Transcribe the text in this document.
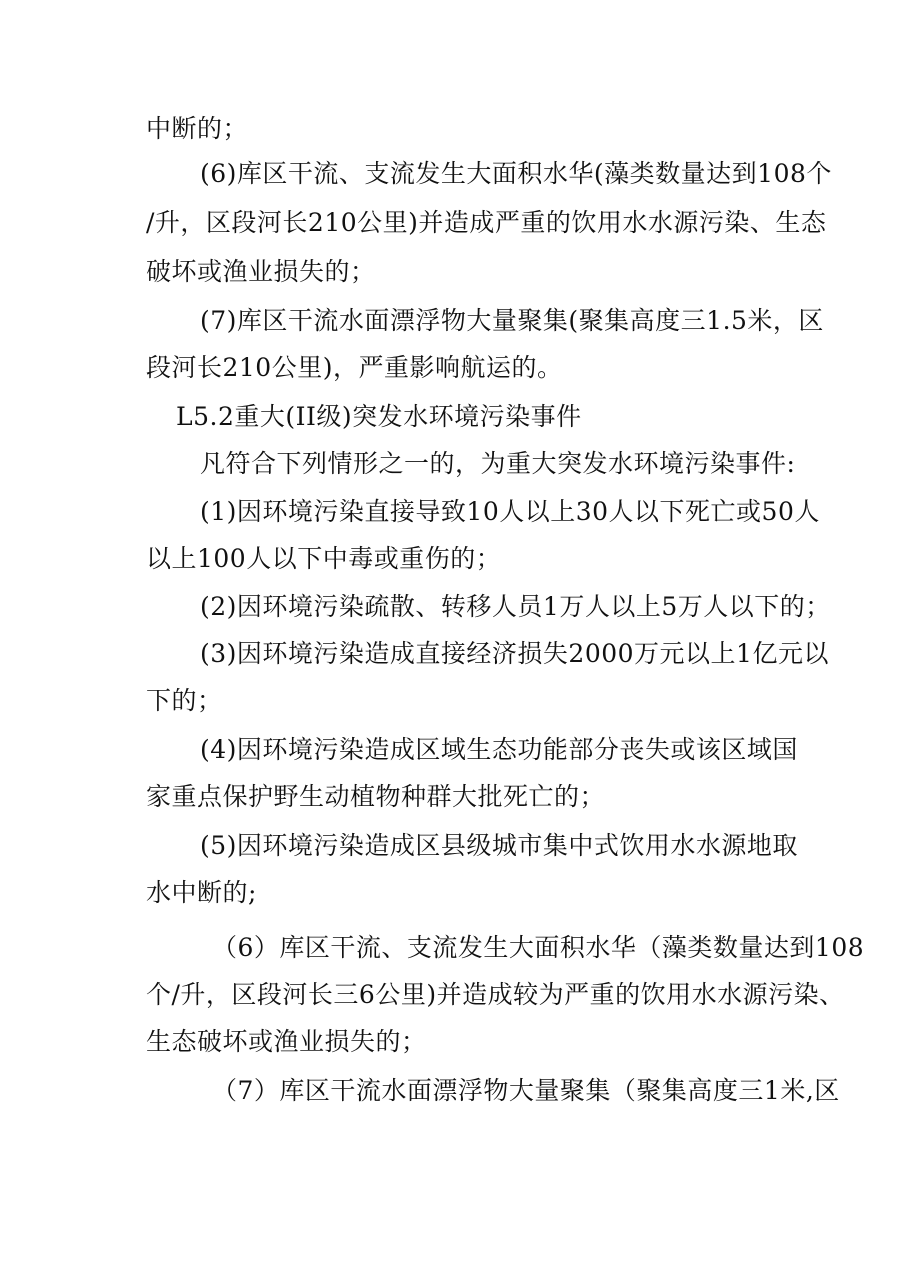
中断的；
(6)库区干流、支流发生大面积水华(藻类数量达到108个
/升，区段河长210公里)并造成严重的饮用水水源污染、生态
破坏或渔业损失的；
(7)库区干流水面漂浮物大量聚集(聚集高度三1.5米，区
段河长210公里)，严重影响航运的。
L5.2重大(II级)突发水环境污染事件
凡符合下列情形之一的，为重大突发水环境污染事件:
(1)因环境污染直接导致10人以上30人以下死亡或50人
以上100人以下中毒或重伤的；
(2)因环境污染疏散、转移人员1万人以上5万人以下的；
(3)因环境污染造成直接经济损失2000万元以上1亿元以
下的；
(4)因环境污染造成区域生态功能部分丧失或该区域国
家重点保护野生动植物种群大批死亡的；
(5)因环境污染造成区县级城市集中式饮用水水源地取
水中断的;
（6）库区干流、支流发生大面积水华（藻类数量达到108
个/升，区段河长三6公里)并造成较为严重的饮用水水源污染、
生态破坏或渔业损失的；
（7）库区干流水面漂浮物大量聚集（聚集高度三1米,区
